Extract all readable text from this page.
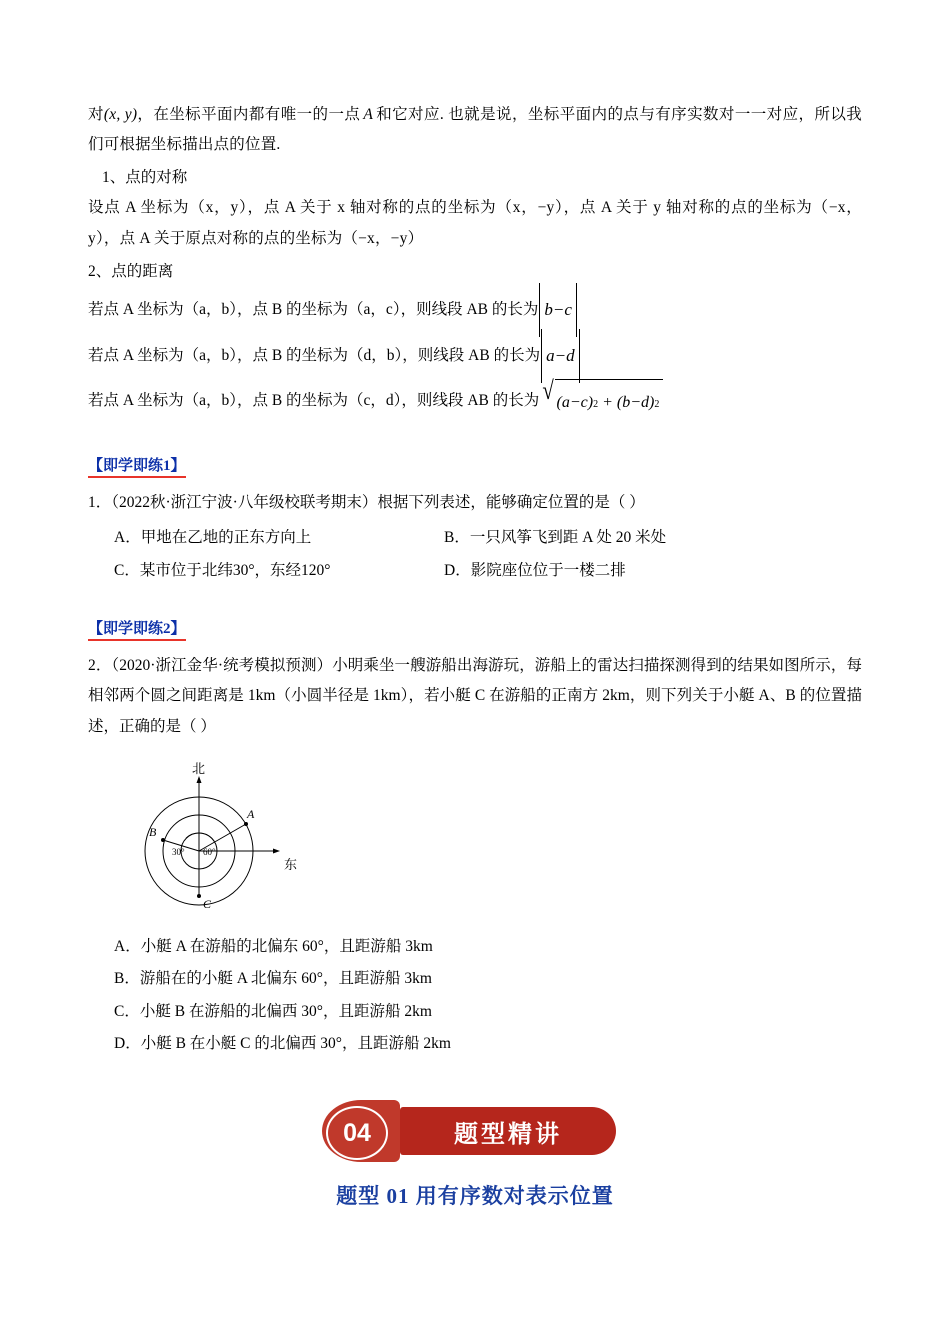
对(x, y)，在坐标平面内都有唯一的一点 A 和它对应. 也就是说，坐标平面内的点与有序实数对一一对应，所以我们可根据坐标描出点的位置.

1、点的对称

设点 A 坐标为（x，y），点 A 关于 x 轴对称的点的坐标为（x，−y），点 A 关于 y 轴对称的点的坐标为（−x，y），点 A 关于原点对称的点的坐标为（−x，−y）

2、点的距离

若点 A 坐标为（a，b），点 B 的坐标为（a，c），则线段 AB 的长为 b−c
若点 A 坐标为（a，b），点 B 的坐标为（d，b），则线段 AB 的长为 a−d
若点 A 坐标为（a，b），点 B 的坐标为（c，d），则线段 AB 的长为 √ (a−c) 2 + (b−d) 2
【即学即练1】

1．（2022秋·浙江宁波·八年级校联考期末）根据下列表述，能够确定位置的是（ ）

A．甲地在乙地的正东方向上	B．一只风筝飞到距 A 处 20 米处
C．某市位于北纬30°，东经120°	D．影院座位位于一楼二排
【即学即练2】

2．（2020·浙江金华·统考模拟预测）小明乘坐一艘游船出海游玩，游船上的雷达扫描探测得到的结果如图所示，每相邻两个圆之间距离是 1km（小圆半径是 1km），若小艇 C 在游船的正南方 2km，则下列关于小艇 A、B 的位置描述，正确的是（ ）

北
东
A
B
C
30° 60°
A．小艇 A 在游船的北偏东 60°，且距游船 3km
B．游船在的小艇 A 北偏东 60°，且距游船 3km
C．小艇 B 在游船的北偏西 30°，且距游船 2km
D．小艇 B 在小艇 C 的北偏西 30°，且距游船 2km
04	题型精讲
题型 01 用有序数对表示位置
